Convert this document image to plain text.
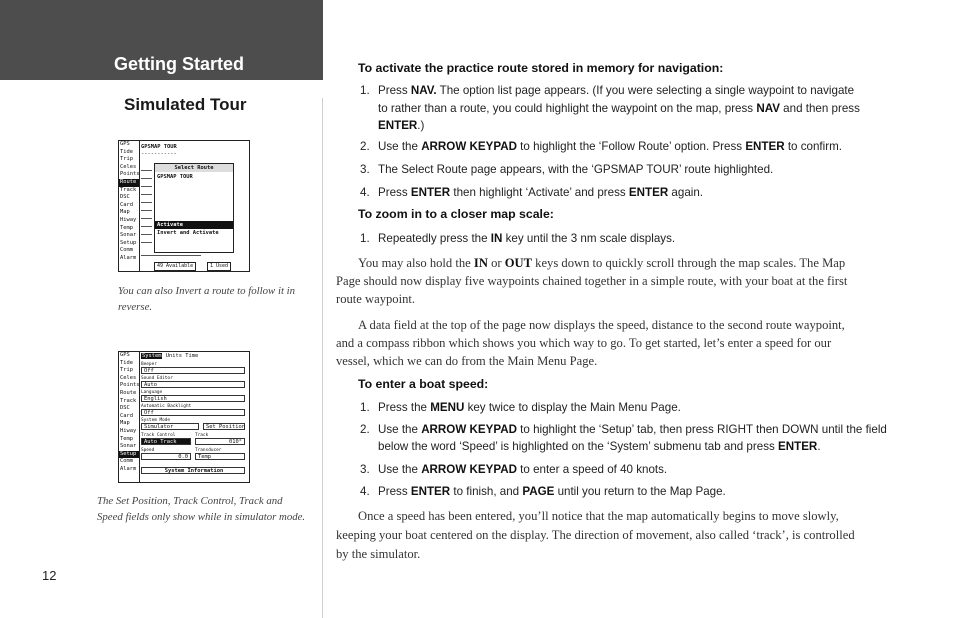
Getting Started
Simulated Tour
12
GPS
Tide
Trip
Celes
Points
Route
Track
DSC
Card
Map
Hiway
Temp
Sonar
Setup
Comm
Alarm
GPSMAP TOUR
-----------
Select Route
GPSMAP TOUR
Activate
Invert and Activate
49 Available	1 Used
You can also Invert a route to follow it in reverse.
GPS
Tide
Trip
Celes
Points
Route
Track
DSC
Card
Map
Hiway
Temp
Sonar
Setup
Comm
Alarm
System Units Time
Beeper
Off
Sound Editor
Auto
Language
English
Automatic Backlight
Off
System Mode
Simulator	Set Position
Track Control	Track
Auto Track	010°
Speed	Transducer
0.0	Temp
System Information
The Set Position, Track Control, Track and Speed fields only show while in simulator mode.
To activate the practice route stored in memory for navigation:
1. Press NAV. The option list page appears. (If you were selecting a single waypoint to navigate
to rather than a route, you could highlight the waypoint on the map, press NAV and then press
ENTER.)
2. Use the ARROW KEYPAD to highlight the ‘Follow Route’ option. Press ENTER to confirm.
3. The Select Route page appears, with the ‘GPSMAP TOUR’ route highlighted.
4. Press ENTER then highlight ‘Activate’ and press ENTER again.
To zoom in to a closer map scale:
1. Repeatedly press the IN key until the 3 nm scale displays.
You may also hold the IN or OUT keys down to quickly scroll through the map scales. The Map
Page should now display five waypoints chained together in a simple route, with your boat at the first
route waypoint.
A data field at the top of the page now displays the speed, distance to the second route waypoint,
and a compass ribbon which shows you which way to go. To get started, let’s enter a speed for our
vessel, which we can do from the Main Menu Page.
To enter a boat speed:
1. Press the MENU key twice to display the Main Menu Page.
2. Use the ARROW KEYPAD to highlight the ‘Setup’ tab, then press RIGHT then DOWN until the field
below the word ‘Speed’ is highlighted on the ‘System’ submenu tab and press ENTER.
3. Use the ARROW KEYPAD to enter a speed of 40 knots.
4. Press ENTER to finish, and PAGE until you return to the Map Page.
Once a speed has been entered, you’ll notice that the map automatically begins to move slowly,
keeping your boat centered on the display. The direction of movement, also called ‘track’, is controlled
by the simulator.
